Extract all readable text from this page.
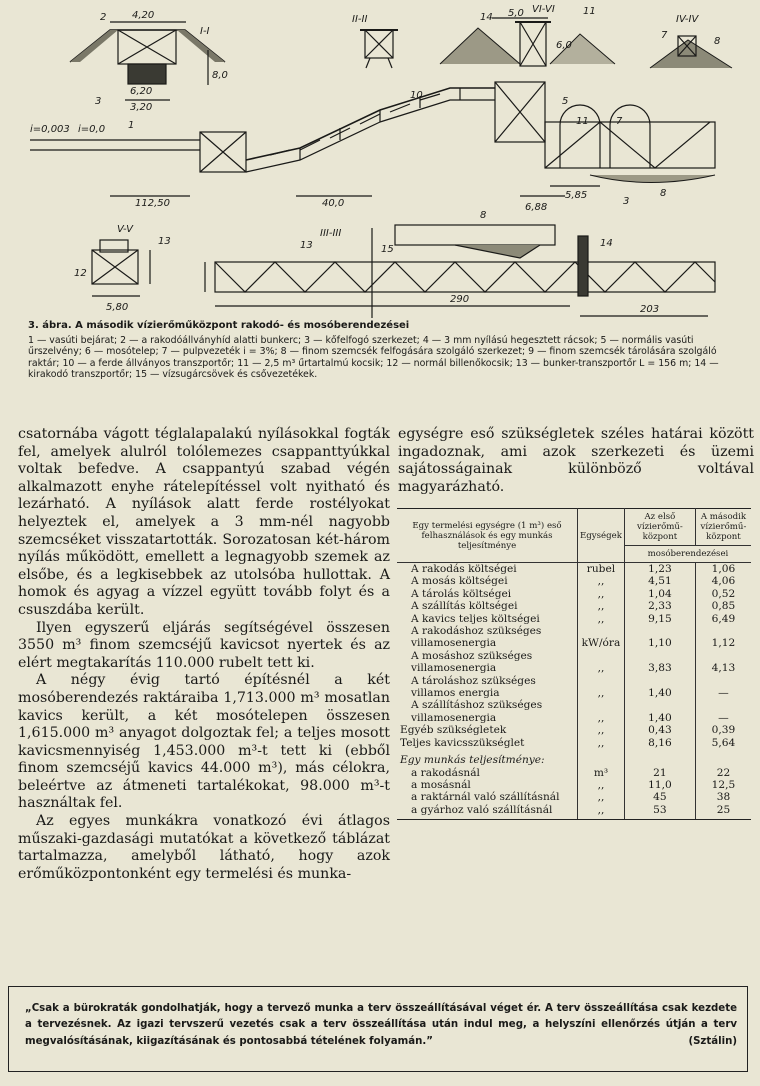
I-I
II-II
VI-VI
IV-IV
V-V	III-III
4,20
3,20
6,20
8,0
6,0
5,0
112,50	40,0	6,88
5,85
5,80
290
203
i=0,003 i=0,0
2
3
1
14
11
8
7
10
5
11	7
8
3
13
12
13	15
8
14
3. ábra. A második vízierőműközpont rakodó- és mosóberendezései
1 — vasúti bejárat; 2 — a rakodóállványhíd alatti bunkerc; 3 — kőfelfogó szerkezet; 4 — 3 mm nyílású hegesztett rácsok; 5 — normális vasúti űrszelvény; 6 — mosótelep; 7 — pulpvezeték i = 3%; 8 — finom szemcsék felfogására szolgáló szerkezet; 9 — finom szemcsék tárolására szolgáló raktár; 10 — a ferde állványos transzportőr; 11 — 2,5 m³ űrtartalmú kocsik; 12 — normál billenőkocsik; 13 — bunker-transzportőr L = 156 m; 14 — kirakodó transzportőr; 15 — vízsugárcsövek és csővezetékek.

csatornába vágott téglalapalakú nyílásokkal fogták fel, amelyek alulról tolólemezes csappanttyúkkal voltak befedve. A csappantyú szabad végén alkalmazott enyhe rátelepítéssel volt nyitható és lezárható. A nyílások alatt ferde rostélyokat helyeztek el, amelyek a 3 mm-nél nagyobb szemcséket visszatartották. Sorozatosan két-három nyílás működött, emellett a legnagyobb szemek az elsőbe, és a legkisebbek az utolsóba hullottak. A homok és agyag a vízzel együtt tovább folyt és a csuszdába került.

Ilyen egyszerű eljárás segítségével összesen 3550 m³ finom szemcséjű kavicsot nyertek és az elért megtakarítás 110.000 rubelt tett ki.

A négy évig tartó építésnél a két mosóberendezés raktáraiba 1,713.000 m³ mosatlan kavics került, a két mosótelepen összesen 1,615.000 m³ anyagot dolgoztak fel; a teljes mosott kavicsmennyiség 1,453.000 m³-t tett ki (ebből finom szemcséjű kavics 44.000 m³), más célokra, beleértve az átmeneti tartalékokat, 98.000 m³-t használtak fel.

Az egyes munkákra vonatkozó évi átlagos műszaki-gazdasági mutatókat a következő táblázat tartalmazza, amelyből látható, hogy azok erőműközpontonként egy termelési és munka-

egységre eső szükségletek széles határai között ingadoznak, ami azok szerkezeti és üzemi sajátosságainak különböző voltával magyarázható.

Egy termelési egységre (1 m³) eső felhasználások és egy munkás teljesítménye	Egységek	Az első vízierőmű-központ	A második vízierőmű-központ
		mosóberendezései	
A rakodás költségei	rubel	1,23	1,06
A mosás költségei	,,	4,51	4,06
A tárolás költségei	,,	1,04	0,52
A szállítás költségei	,,	2,33	0,85
A kavics teljes költségei	,,	9,15	6,49
A rakodáshoz szükséges villamosenergia	kW/óra	1,10	1,12
A mosáshoz szükséges villamosenergia	,,	3,83	4,13
A tároláshoz szükséges villamos energia	,,	1,40	—
A szállításhoz szükséges villamosenergia	,,	1,40	—
Egyéb szükségletek	,,	0,43	0,39
Teljes kavicsszükséglet	,,	8,16	5,64
Egy munkás teljesítménye:			
a rakodásnál	m³	21	22
a mosásnál	,,	11,0	12,5
a raktárnál való szállításnál	,,	45	38
a gyárhoz való szállításnál	,,	53	25
„Csak a bürokraták gondolhatják, hogy a tervező munka a terv összeállításával véget ér. A terv összeállítása csak kezdete a tervezésnek. Az igazi tervszerű vezetés csak a terv összeállítása után indul meg, a helyszíni ellenőrzés útján a terv megvalósításának, kiigazításának és pontosabbá tételének folyamán.”	(Sztálin)
